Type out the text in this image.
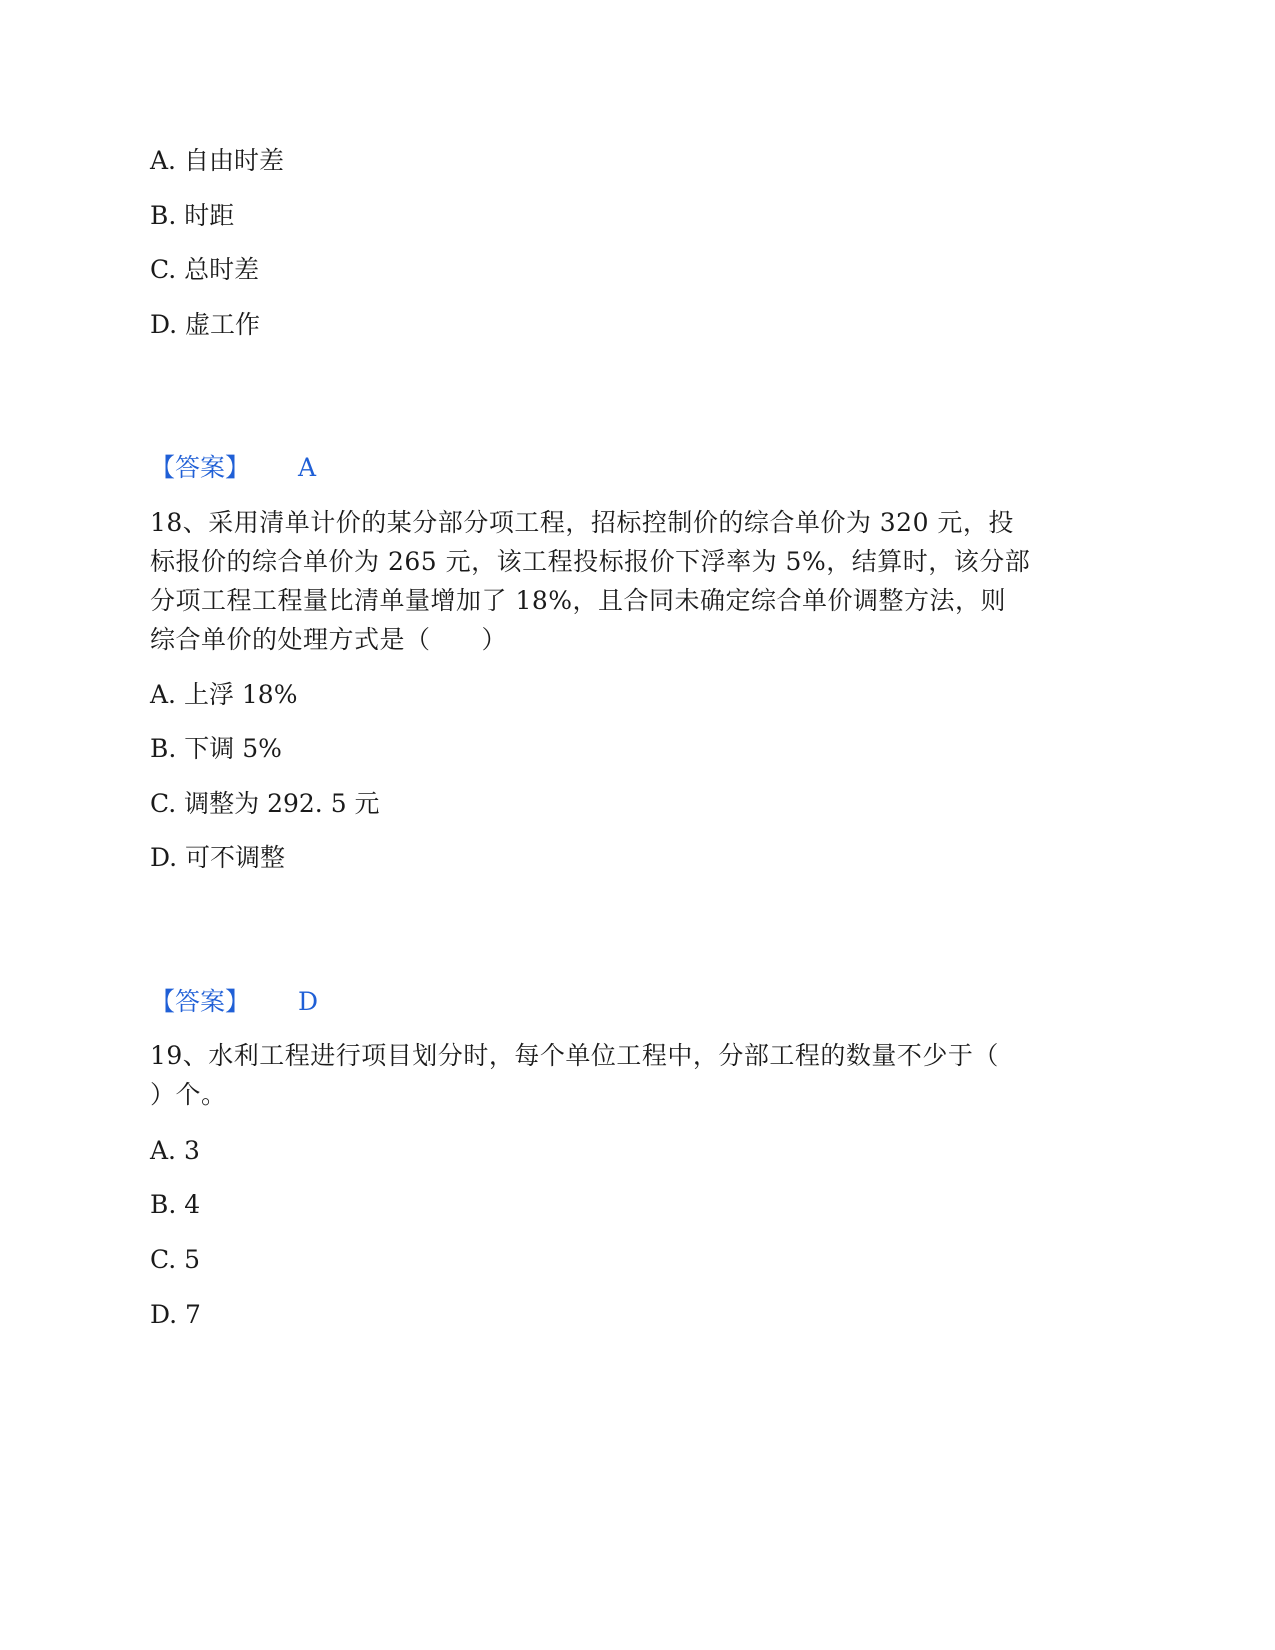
A. 自由时差
B. 时距
C. 总时差
D. 虚工作
【答案】 A
18、采用清单计价的某分部分项工程，招标控制价的综合单价为 320 元，投
标报价的综合单价为 265 元，该工程投标报价下浮率为 5%，结算时，该分部
分项工程工程量比清单量增加了 18%，且合同未确定综合单价调整方法，则
综合单价的处理方式是（　　）
A. 上浮 18%
B. 下调 5%
C. 调整为 292. 5 元
D. 可不调整
【答案】 D
19、水利工程进行项目划分时，每个单位工程中，分部工程的数量不少于（
）个。
A. 3
B. 4
C. 5
D. 7
